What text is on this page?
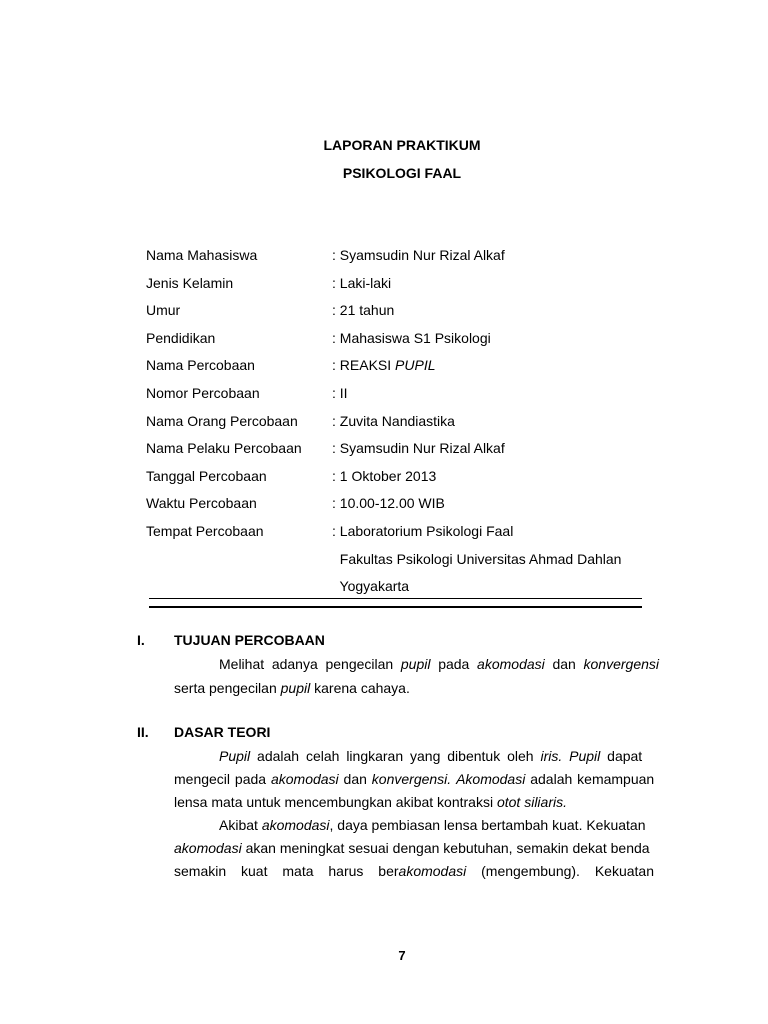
LAPORAN PRAKTIKUM
PSIKOLOGI FAAL
Nama Mahasiswa	: Syamsudin Nur Rizal Alkaf
Jenis Kelamin	: Laki-laki
Umur	: 21 tahun
Pendidikan	: Mahasiswa S1 Psikologi
Nama Percobaan	: REAKSI PUPIL
Nomor Percobaan	: II
Nama Orang Percobaan : Zuvita Nandiastika
Nama Pelaku Percobaan : Syamsudin Nur Rizal Alkaf
Tanggal Percobaan	: 1 Oktober 2013
Waktu Percobaan	: 10.00-12.00 WIB
Tempat Percobaan	: Laboratorium Psikologi Faal
Fakultas Psikologi Universitas Ahmad Dahlan
Yogyakarta
I. TUJUAN PERCOBAAN
Melihat adanya pengecilan pupil pada akomodasi dan konvergensi
serta pengecilan pupil karena cahaya.
II. DASAR TEORI
Pupil adalah celah lingkaran yang dibentuk oleh iris. Pupil dapat
mengecil pada akomodasi dan konvergensi. Akomodasi adalah kemampuan
lensa mata untuk mencembungkan akibat kontraksi otot siliaris.
Akibat akomodasi, daya pembiasan lensa bertambah kuat. Kekuatan
akomodasi akan meningkat sesuai dengan kebutuhan, semakin dekat benda
semakin kuat mata harus berakomodasi (mengembung). Kekuatan
7
